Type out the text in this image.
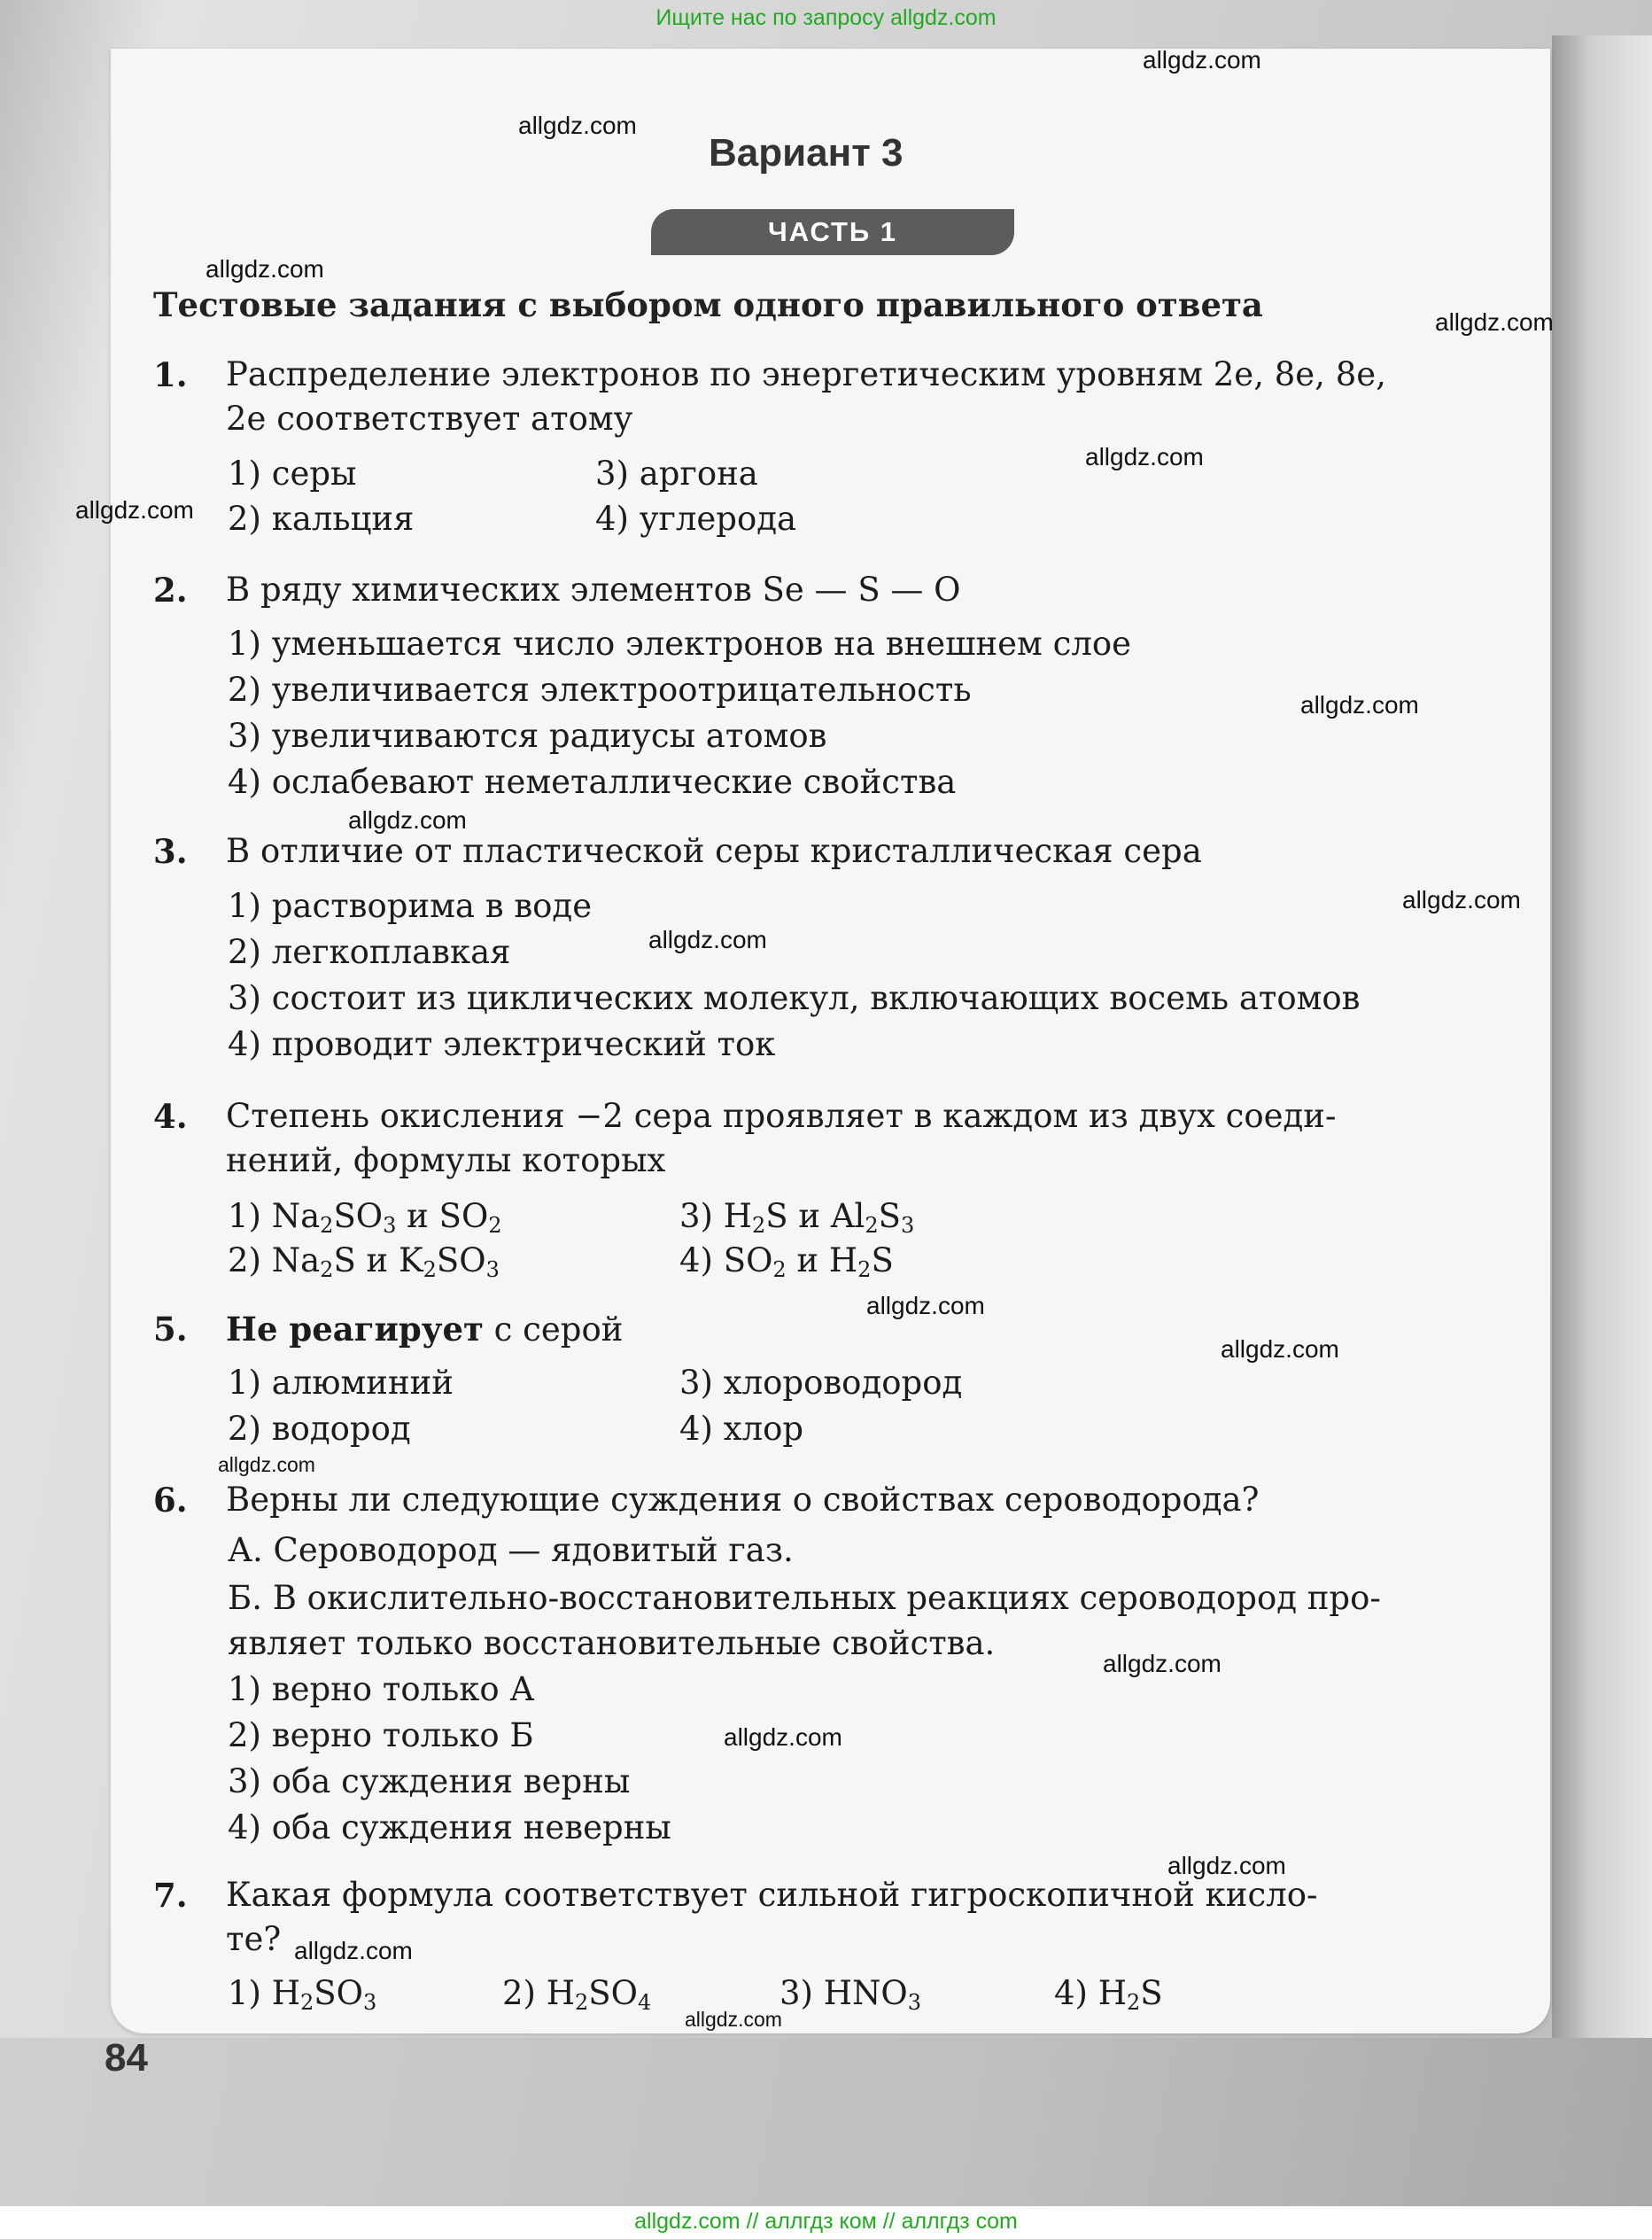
Ищите нас по запросу allgdz.com
Вариант 3
ЧАСТЬ 1
Тестовые задания с выбором одного правильного ответа
1. Распределение электронов по энергетическим уровням 2e, 8e, 8e,
2e соответствует атому
1) серы	3) аргона
2) кальция	4) углерода
2. В ряду химических элементов Se — S — O
1) уменьшается число электронов на внешнем слое
2) увеличивается электроотрицательность
3) увеличиваются радиусы атомов
4) ослабевают неметаллические свойства
3. В отличие от пластической серы кристаллическая сера
1) растворима в воде
2) легкоплавкая
3) состоит из циклических молекул, включающих восемь атомов
4) проводит электрический ток
4. Степень окисления −2 сера проявляет в каждом из двух соеди-
нений, формулы которых
1) $Na_2SO_3$ и $SO_2$	3) $H_2S$ и $Al_2S_3$
2) $Na_2S$ и $K_2SO_3$	4) $SO_2$ и $H_2S$
5. Не реагирует с серой
1) алюминий	3) хлороводород
2) водород	4) хлор
6. Верны ли следующие суждения о свойствах сероводорода?
А. Сероводород — ядовитый газ.
Б. В окислительно-восстановительных реакциях сероводород про-
являет только восстановительные свойства.
1) верно только А
2) верно только Б
3) оба суждения верны
4) оба суждения неверны
7. Какая формула соответствует сильной гигроскопичной кисло-
те?
1) $H_2SO_3$	2) $H_2SO_4$	3) $HNO_3$	4) $H_2S$
84
allgdz.com
allgdz.com
allgdz.com
allgdz.com
allgdz.com
allgdz.com
allgdz.com
allgdz.com
allgdz.com
allgdz.com
allgdz.com
allgdz.com
allgdz.com
allgdz.com
allgdz.com
allgdz.com
allgdz.com
allgdz.com
allgdz.com // аллгдз ком // аллгдз com
